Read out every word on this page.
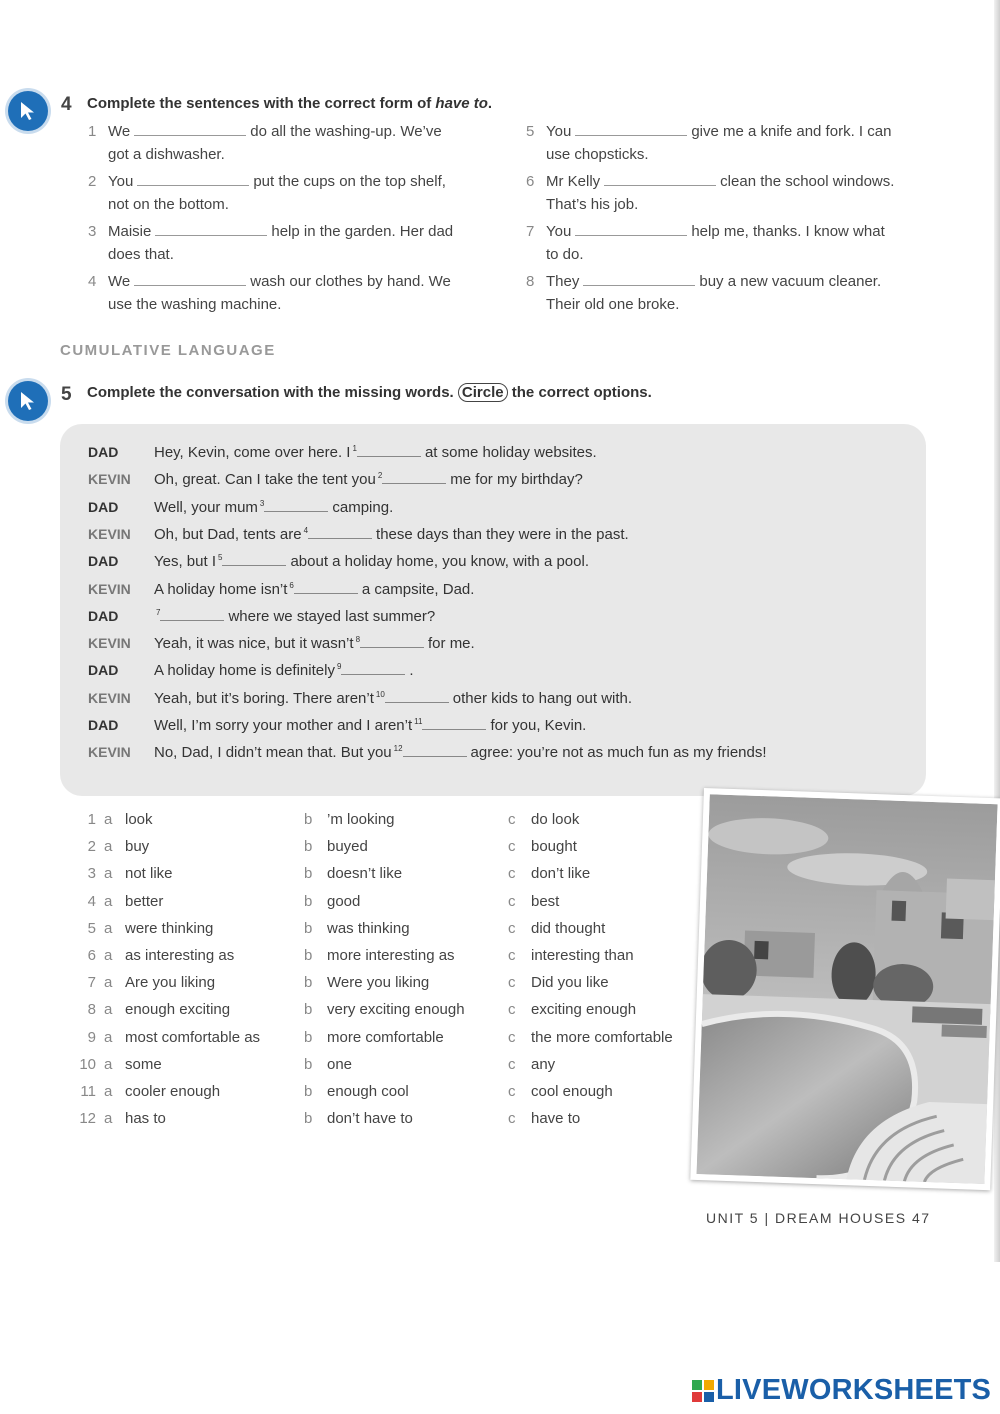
4 Complete the sentences with the correct form of have to.
1 We	do all the washing-up. We’ve
got a dishwasher.
2 You	put the cups on the top shelf,
not on the bottom.
3 Maisie	help in the garden. Her dad
does that.
4 We	wash our clothes by hand. We
use the washing machine.
5 You	give me a knife and fork. I can
use chopsticks.
6 Mr Kelly	clean the school windows.
That’s his job.
7 You	help me, thanks. I know what
to do.
8 They	buy a new vacuum cleaner.
Their old one broke.
CUMULATIVE LANGUAGE
5 Complete the conversation with the missing words. Circle the correct options.
DAD Hey, Kevin, come over here. I $^1$	at some holiday websites.
KEVIN Oh, great. Can I take the tent you $^2$	me for my birthday?
DAD Well, your mum $^3$	camping.
KEVIN Oh, but Dad, tents are $^4$	these days than they were in the past.
DAD Yes, but I $^5$	about a holiday home, you know, with a pool.
KEVIN A holiday home isn’t $^6$	a campsite, Dad.
DAD	$^7$	where we stayed last summer?
KEVIN Yeah, it was nice, but it wasn’t $^8$	for me.
DAD A holiday home is definitely $^9$	.
KEVIN Yeah, but it’s boring. There aren’t $^{10}$	other kids to hang out with.
DAD Well, I’m sorry your mother and I aren’t $^{11}$	for you, Kevin.
KEVIN No, Dad, I didn’t mean that. But you $^{12}$	agree: you’re not as much fun as my friends!
1 a look	b ’m looking	c do look
2 a buy	b buyed	c bought
3 a not like	b doesn’t like	c don’t like
4 a better	b good	c best
5 a were thinking	b was thinking	c did thought
6 a as interesting as	b more interesting as	c interesting than
7 a Are you liking	b Were you liking	c Did you like
8 a enough exciting	b very exciting enough	c exciting enough
9 a most comfortable as	b more comfortable	c the more comfortable
10 a some	b one	c any
11 a cooler enough	b enough cool	c cool enough
12 a has to	b don’t have to	c have to
UNIT 5 | DREAM HOUSES 47
LIVEWORKSHEETS
